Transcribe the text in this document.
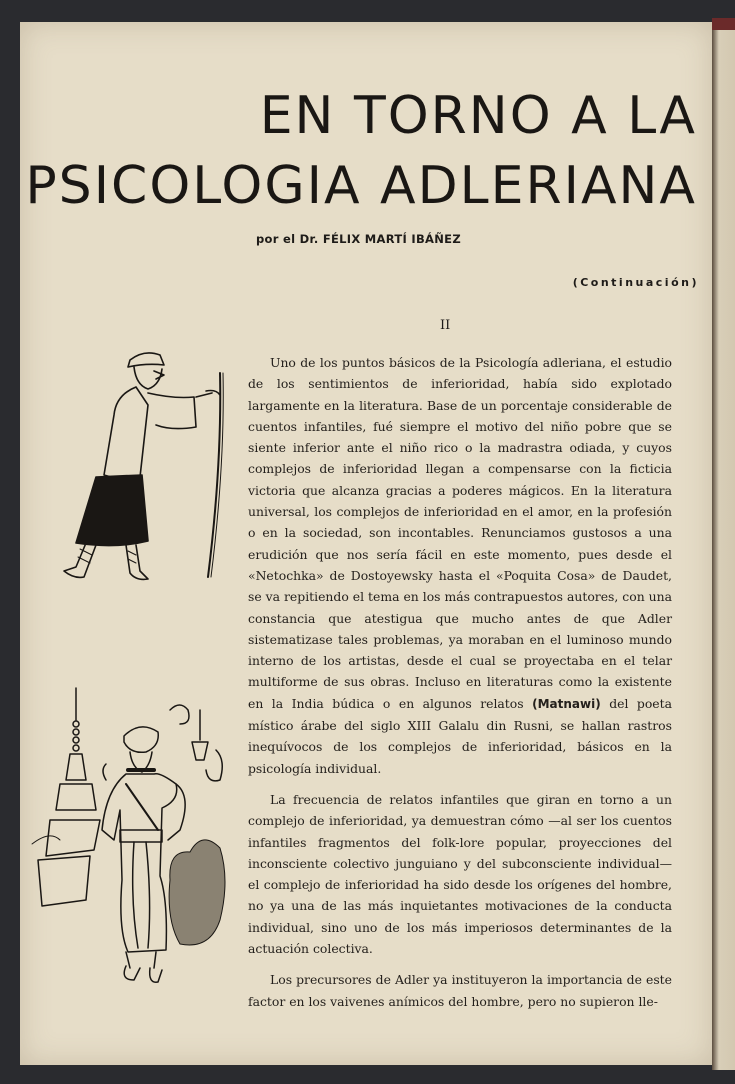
EN TORNO A LA
PSICOLOGIA ADLERIANA
por el Dr. FÉLIX MARTÍ IBÁÑEZ
(Continuación)
II

Uno de los puntos básicos de la Psicología adleriana, el estudio de los sentimientos de inferioridad, había sido explotado largamente en la literatura. Base de un porcentaje considerable de cuentos infantiles, fué siempre el motivo del niño pobre que se siente inferior ante el niño rico o la madrastra odiada, y cuyos complejos de inferioridad llegan a compensarse con la ficticia victoria que alcanza gracias a poderes mágicos. En la literatura universal, los complejos de inferioridad en el amor, en la profesión o en la sociedad, son incontables. Renunciamos gustosos a una erudición que nos sería fácil en este momento, pues desde el «Netochka» de Dostoyewsky hasta el «Poquita Cosa» de Daudet, se va repitiendo el tema en los más contrapuestos autores, con una constancia que atestigua que mucho antes de que Adler sistematizase tales problemas, ya moraban en el luminoso mundo interno de los artistas, desde el cual se proyectaba en el telar multiforme de sus obras. Incluso en literaturas como la existente en la India búdica o en algunos relatos (Matnawi) del poeta místico árabe del siglo XIII Galalu din Rusni, se hallan rastros inequívocos de los complejos de inferioridad, básicos en la psicología individual.

La frecuencia de relatos infantiles que giran en torno a un complejo de inferioridad, ya demuestran cómo —al ser los cuentos infantiles fragmentos del folk-lore popular, proyecciones del inconsciente colectivo junguiano y del subconsciente individual— el complejo de inferioridad ha sido desde los orígenes del hombre, no ya una de las más inquietantes motivaciones de la conducta individual, sino uno de los más imperiosos determinantes de la actuación colectiva.

Los precursores de Adler ya instituyeron la importancia de este factor en los vaivenes anímicos del hombre, pero no supieron lle-
